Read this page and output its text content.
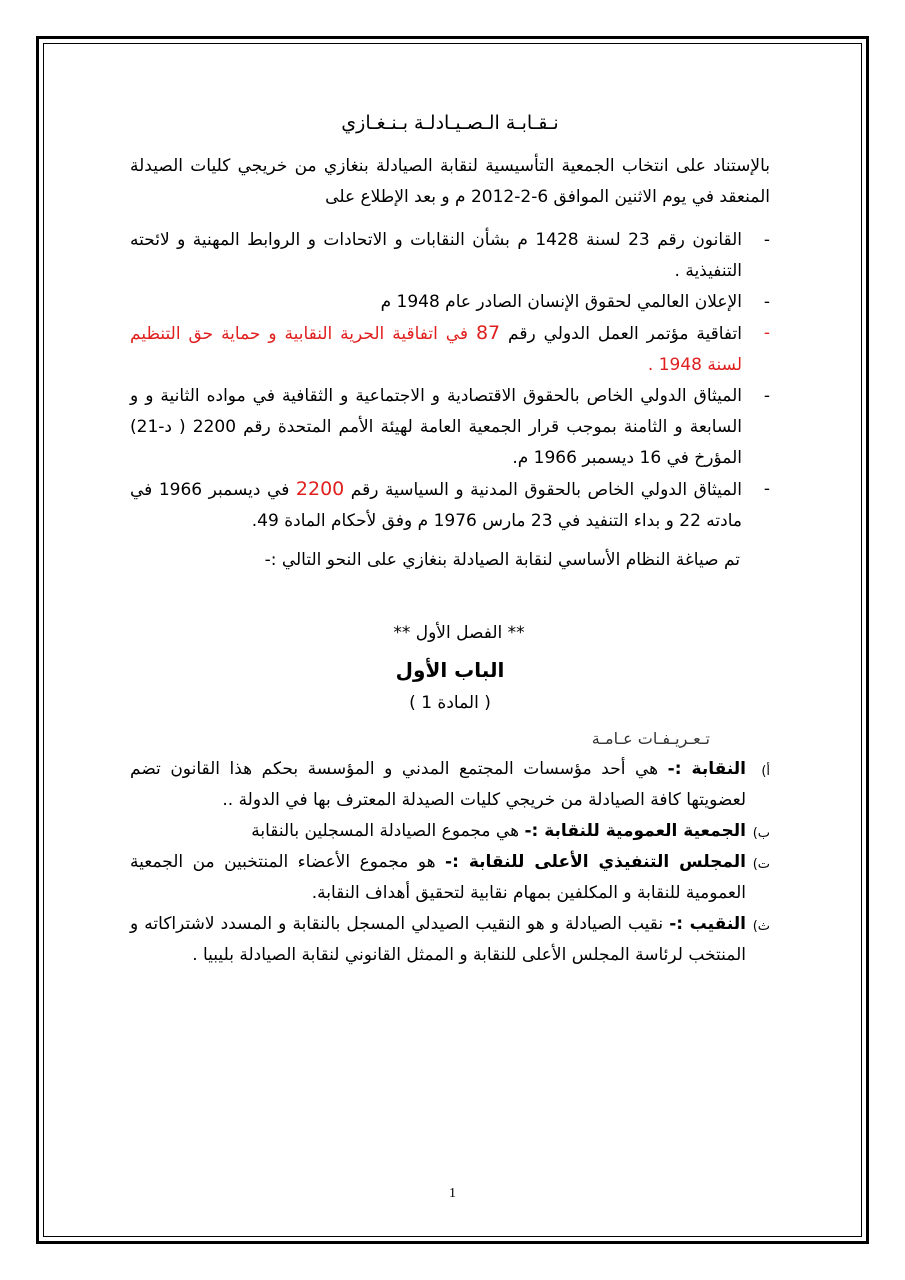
نـقـابـة الـصـيـادلـة بـنـغـازي

بالإستناد على انتخاب الجمعية التأسيسية لنقابة الصيادلة بنغازي من خريجي كليات الصيدلة المنعقد في يوم الاثنين الموافق 6-2-2012 م و بعد الإطلاع على

-
القانون رقم 23 لسنة 1428 م بشأن النقابات و الاتحادات و الروابط المهنية و لائحته التنفيذية .
-
الإعلان العالمي لحقوق الإنسان الصادر عام 1948 م
-
اتفاقية مؤتمر العمل الدولي رقم 87 في اتفاقية الحرية النقابية و حماية حق التنظيم لسنة 1948 .
-
الميثاق الدولي الخاص بالحقوق الاقتصادية و الاجتماعية و الثقافية في مواده الثانية و و السابعة و الثامنة بموجب قرار الجمعية العامة لهيئة الأمم المتحدة رقم 2200 ( د-21) المؤرخ في 16 ديسمبر 1966 م.
-
الميثاق الدولي الخاص بالحقوق المدنية و السياسية رقم 2200 في ديسمبر 1966 في مادته 22 و بداء التنفيد في 23 مارس 1976 م وفق لأحكام المادة 49.

تم صياغة النظام الأساسي لنقابة الصيادلة بنغازي على النحو التالي :-

** الفصل الأول **

الباب الأول

( المادة 1 )

تـعـريـفـات عـامـة

أ)
النقابة :- هي أحد مؤسسات المجتمع المدني و المؤسسة بحكم هذا القانون تضم لعضويتها كافة الصيادلة من خريجي كليات الصيدلة المعترف بها في الدولة ..
ب)
الجمعية العمومية للنقابة :- هي مجموع الصيادلة المسجلين بالنقابة
ت)
المجلس التنفيذي الأعلى للنقابة :- هو مجموع الأعضاء المنتخبين من الجمعية العمومية للنقابة و المكلفين بمهام نقابية لتحقيق أهداف النقابة.
ث)
النقيب :- نقيب الصيادلة و هو النقيب الصيدلي المسجل بالنقابة و المسدد لاشتراكاته و المنتخب لرئاسة المجلس الأعلى للنقابة و الممثل القانوني لنقابة الصيادلة بليبيا .
1
